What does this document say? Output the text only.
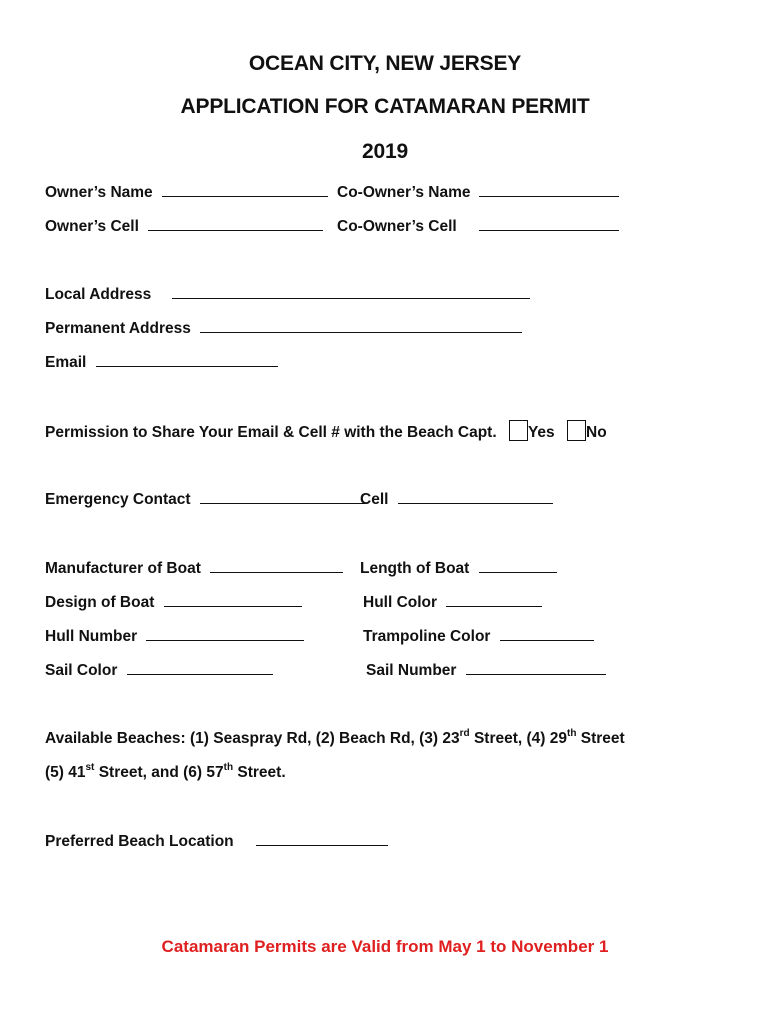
OCEAN CITY, NEW JERSEY
APPLICATION FOR CATAMARAN PERMIT
2019
Owner’s Name	Co-Owner’s Name
Owner’s Cell	Co-Owner’s Cell
Local Address
Permanent Address
Email
Permission to Share Your Email & Cell # with the Beach Capt. Yes No
Emergency Contact	Cell
Manufacturer of Boat	Length of Boat
Design of Boat	Hull Color
Hull Number	Trampoline Color
Sail Color	Sail Number
Available Beaches: (1) Seaspray Rd, (2) Beach Rd, (3) 23rd Street, (4) 29th Street
(5) 41st Street, and (6) 57th Street.
Preferred Beach Location
Catamaran Permits are Valid from May 1 to November 1
